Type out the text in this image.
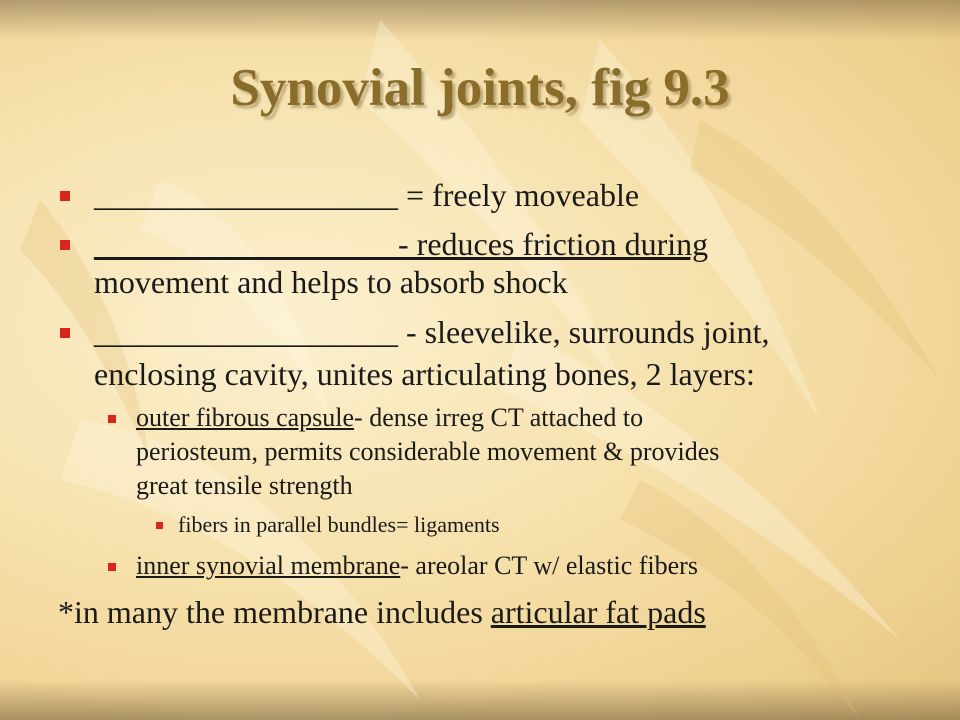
Synovial joints, fig 9.3
___________________ = freely moveable
___________________- reduces friction during
movement and helps to absorb shock
___________________ - sleevelike, surrounds joint,
enclosing cavity, unites articulating bones, 2 layers:
outer fibrous capsule- dense irreg CT attached to
periosteum, permits considerable movement & provides
great tensile strength
fibers in parallel bundles= ligaments
inner synovial membrane- areolar CT w/ elastic fibers
*in many the membrane includes articular fat pads
